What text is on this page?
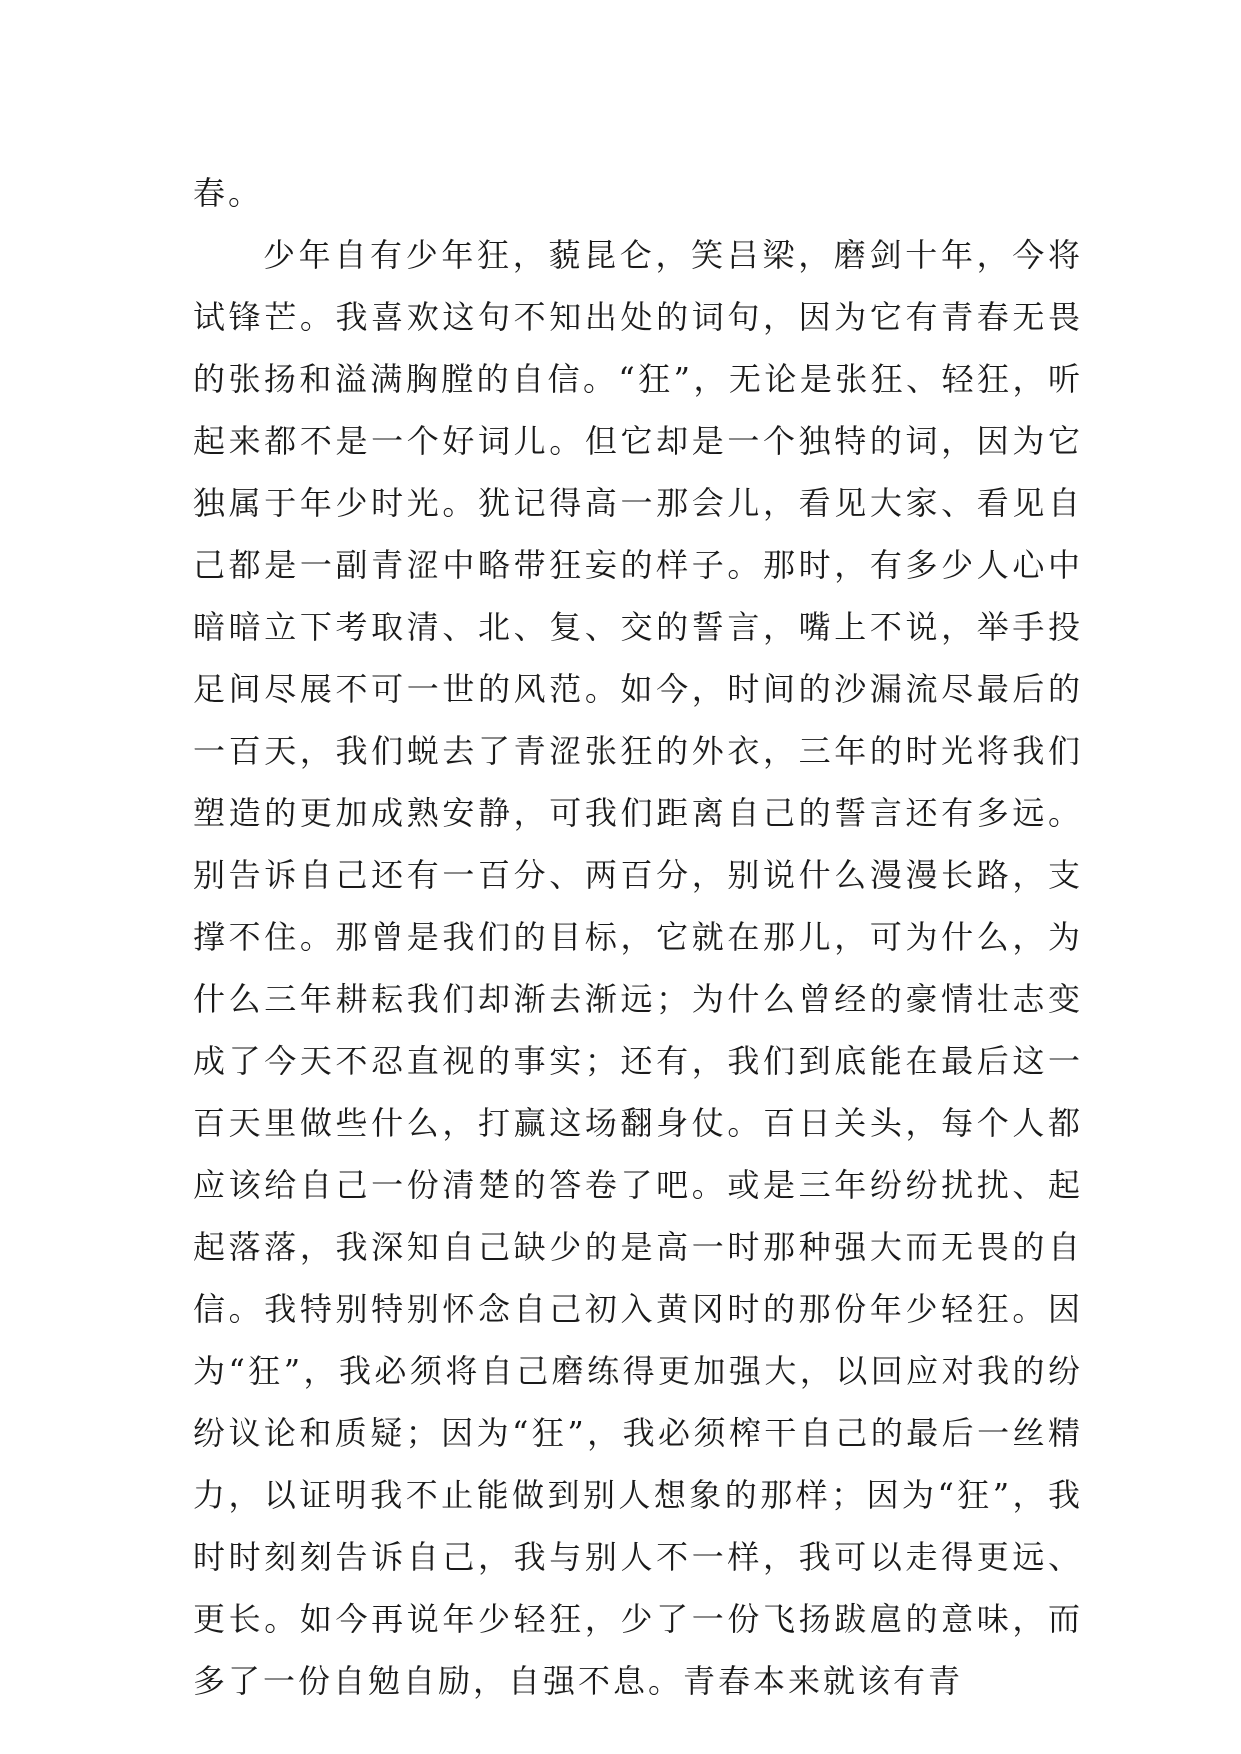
春。

少年自有少年狂，藐昆仑，笑吕梁，磨剑十年，今将试锋芒。我喜欢这句不知出处的词句，因为它有青春无畏的张扬和溢满胸膛的自信。“狂”，无论是张狂、轻狂，听起来都不是一个好词儿。但它却是一个独特的词，因为它独属于年少时光。犹记得高一那会儿，看见大家、看见自己都是一副青涩中略带狂妄的样子。那时，有多少人心中暗暗立下考取清、北、复、交的誓言，嘴上不说，举手投足间尽展不可一世的风范。如今，时间的沙漏流尽最后的一百天，我们蜕去了青涩张狂的外衣，三年的时光将我们塑造的更加成熟安静，可我们距离自己的誓言还有多远。别告诉自己还有一百分、两百分，别说什么漫漫长路，支撑不住。那曾是我们的目标，它就在那儿，可为什么，为什么三年耕耘我们却渐去渐远；为什么曾经的豪情壮志变成了今天不忍直视的事实；还有，我们到底能在最后这一百天里做些什么，打赢这场翻身仗。百日关头，每个人都应该给自己一份清楚的答卷了吧。或是三年纷纷扰扰、起起落落，我深知自己缺少的是高一时那种强大而无畏的自信。我特别特别怀念自己初入黄冈时的那份年少轻狂。因为“狂”，我必须将自己磨练得更加强大，以回应对我的纷纷议论和质疑；因为“狂”，我必须榨干自己的最后一丝精力，以证明我不止能做到别人想象的那样；因为“狂”，我时时刻刻告诉自己，我与别人不一样，我可以走得更远、更长。如今再说年少轻狂，少了一份飞扬跋扈的意味，而多了一份自勉自励，自强不息。青春本来就该有青
